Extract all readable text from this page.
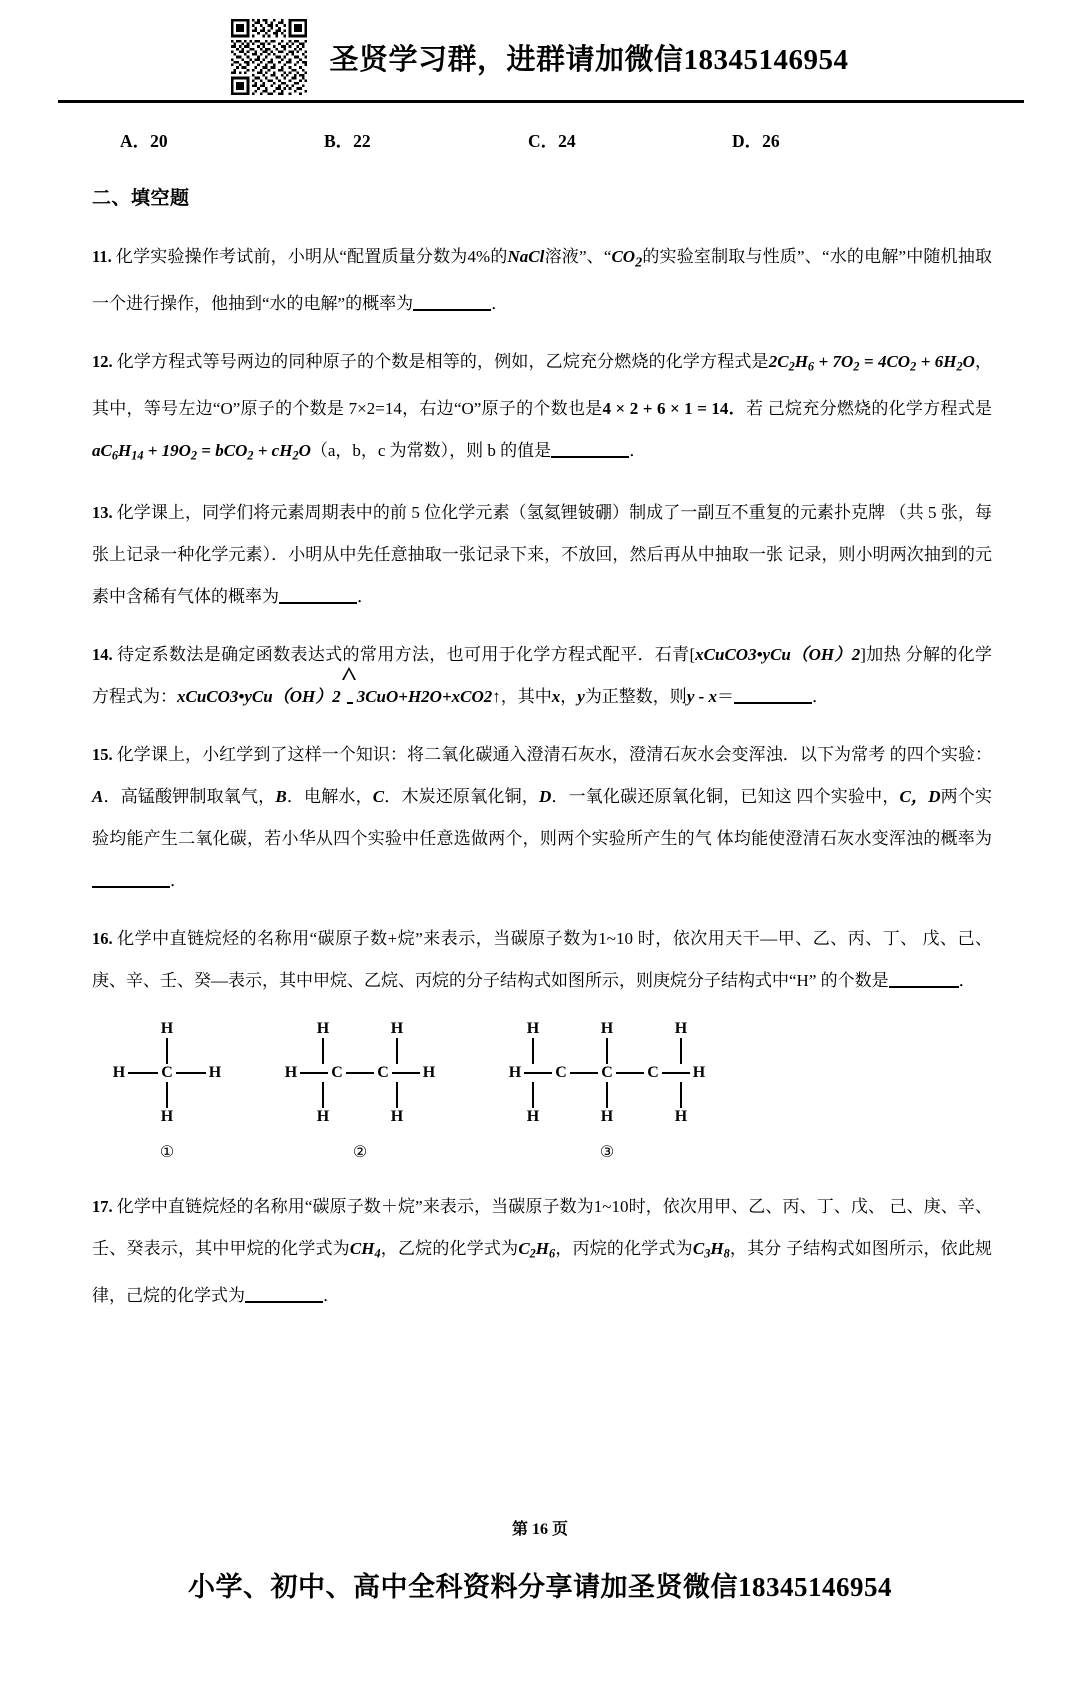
圣贤学习群，进群请加微信18345146954
A．20	B．22	C．24	D．26
二、填空题
11. 化学实验操作考试前，小明从“配置质量分数为4%的NaCl溶液”、“$CO_2$的实验室制取与性质”、“水的电解”中随机抽取一个进行操作，他抽到“水的电解”的概率为	．
12. 化学方程式等号两边的同种原子的个数是相等的，例如，乙烷充分燃烧的化学方程式是$2C_2H_6 + 7O_2 = 4CO_2 + 6H_2O$，其中，等号左边“O”原子的个数是 7×2=14，右边“O”原子的个数也是4 × 2 + 6 × 1 = 14．若 己烷充分燃烧的化学方程式是$aC_6H_{14} + 19O_2 = bCO_2 + cH_2O(a$，b，c 为常数），则 b 的值是	．
13. 化学课上，同学们将元素周期表中的前 5 位化学元素（氢氦锂铍硼）制成了一副互不重复的元素扑克牌 （共 5 张，每张上记录一种化学元素）．小明从中先任意抽取一张记录下来，不放回，然后再从中抽取一张 记录，则小明两次抽到的元素中含稀有气体的概率为	．
14. 待定系数法是确定函数表达式的常用方法，也可用于化学方程式配平．石青[xCuCO3•yCu（OH）2]加热 分解的化学方程式为：xCuCO3•yCu（OH）2 3CuO+H2O+xCO2↑，其中x，y为正整数，则y - x＝	．
15. 化学课上，小红学到了这样一个知识：将二氧化碳通入澄清石灰水，澄清石灰水会变浑浊．以下为常考 的四个实验：A．高锰酸钾制取氧气，B．电解水，C．木炭还原氧化铜，D．一氧化碳还原氧化铜，已知这 四个实验中，C，D两个实验均能产生二氧化碳，若小华从四个实验中任意选做两个，则两个实验所产生的气 体均能使澄清石灰水变浑浊的概率为．
16. 化学中直链烷烃的名称用“碳原子数+烷”来表示，当碳原子数为1~10 时，依次用天干—甲、乙、丙、丁、 戊、己、庚、辛、壬、癸—表示，其中甲烷、乙烷、丙烷的分子结构式如图所示，则庚烷分子结构式中“H” 的个数是	．
H
H C H
H
①
H	H
H C C H
H	H
②
H	H	H
H C C C H
H	H	H
③
17. 化学中直链烷烃的名称用“碳原子数＋烷”来表示，当碳原子数为1~10时，依次用甲、乙、丙、丁、戊、 己、庚、辛、壬、癸表示，其中甲烷的化学式为$CH_4$，乙烷的化学式为$C_2H_6$，丙烷的化学式为$C_3H_8$，其分 子结构式如图所示，依此规律，己烷的化学式为	．
第 16 页
小学、初中、高中全科资料分享请加圣贤微信18345146954
